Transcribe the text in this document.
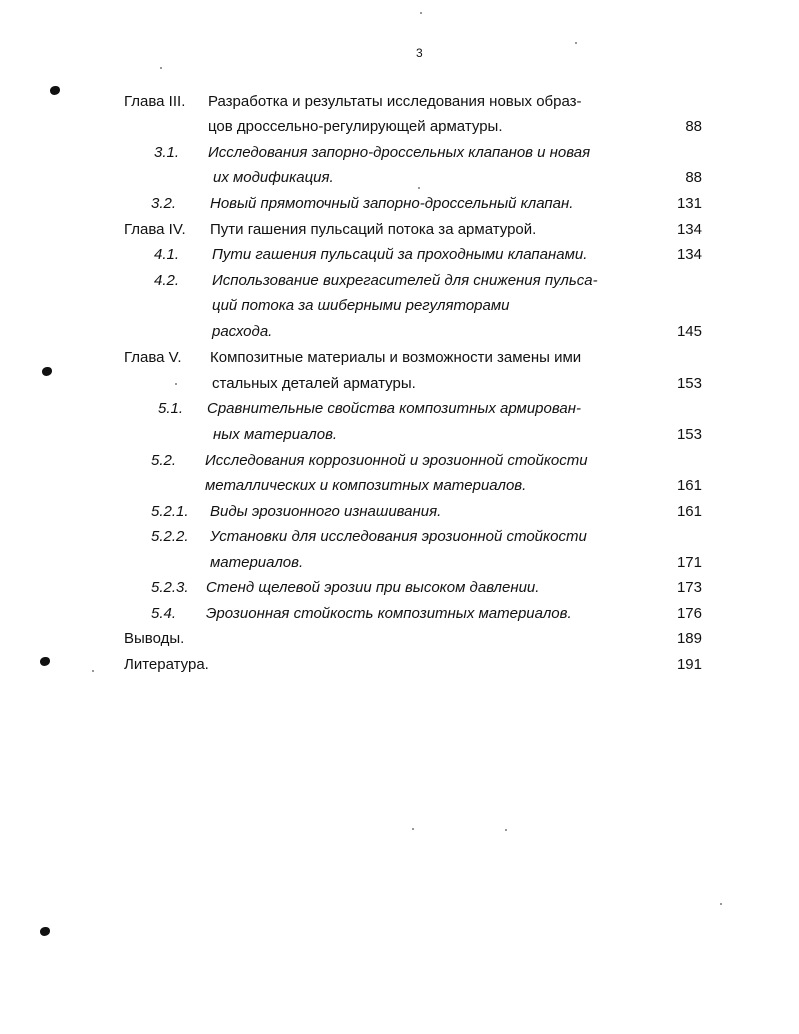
3
Глава III. Разработка и результаты исследования новых образ-
цов дроссельно-регулирующей арматуры.	88
3.1. Исследования запорно-дроссельных клапанов и новая
их модификация.	88
3.2. Новый прямоточный запорно-дроссельный клапан.	131
Глава IV. Пути гашения пульсаций потока за арматурой.	134
4.1. Пути гашения пульсаций за проходными клапанами.	134
4.2. Использование вихрегасителей для снижения пульса-
ций потока за шиберными регуляторами
расхода.	145
Глава V. Композитные материалы и возможности замены ими
стальных деталей арматуры.	153
5.1. Сравнительные свойства композитных армирован-
ных материалов.	153
5.2. Исследования коррозионной и эрозионной стойкости
металлических и композитных материалов.	161
5.2.1. Виды эрозионного изнашивания.	161
5.2.2. Установки для исследования эрозионной стойкости
материалов.	171
5.2.3. Стенд щелевой эрозии при высоком давлении.	173
5.4. Эрозионная стойкость композитных материалов.	176
Выводы.	189
Литература.	191
